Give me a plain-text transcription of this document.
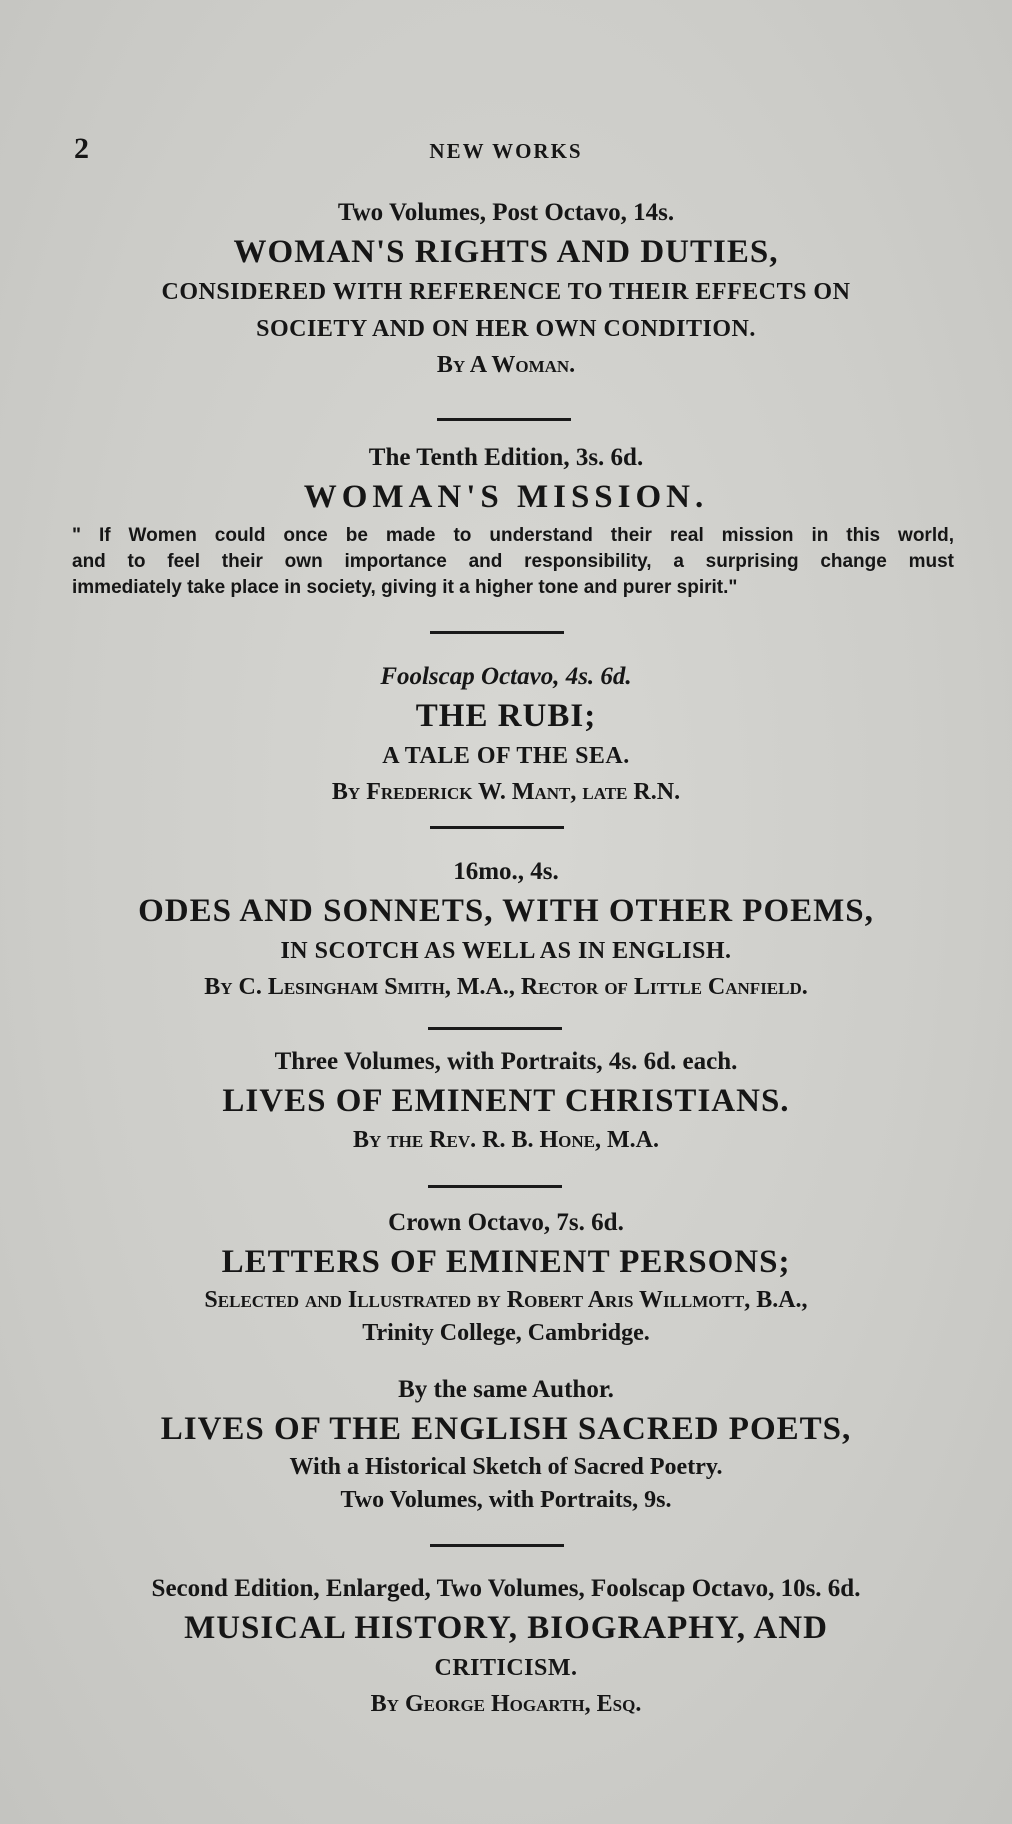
2	NEW WORKS
Two Volumes, Post Octavo, 14s.
WOMAN'S RIGHTS AND DUTIES,
CONSIDERED WITH REFERENCE TO THEIR EFFECTS ON
SOCIETY AND ON HER OWN CONDITION.
By A Woman.
The Tenth Edition, 3s. 6d.
WOMAN'S MISSION.
" If Women could once be made to understand their real mission in this world,
and to feel their own importance and responsibility, a surprising change must
immediately take place in society, giving it a higher tone and purer spirit."
Foolscap Octavo, 4s. 6d.
THE RUBI;
A TALE OF THE SEA.
By Frederick W. Mant, late R.N.
16mo., 4s.
ODES AND SONNETS, WITH OTHER POEMS,
IN SCOTCH AS WELL AS IN ENGLISH.
By C. Lesingham Smith, M.A., Rector of Little Canfield.
Three Volumes, with Portraits, 4s. 6d. each.
LIVES OF EMINENT CHRISTIANS.
By the Rev. R. B. Hone, M.A.
Crown Octavo, 7s. 6d.
LETTERS OF EMINENT PERSONS;
Selected and Illustrated by Robert Aris Willmott, B.A.,
Trinity College, Cambridge.
By the same Author.
LIVES OF THE ENGLISH SACRED POETS,
With a Historical Sketch of Sacred Poetry.
Two Volumes, with Portraits, 9s.
Second Edition, Enlarged, Two Volumes, Foolscap Octavo, 10s. 6d.
MUSICAL HISTORY, BIOGRAPHY, AND
CRITICISM.
By George Hogarth, Esq.
